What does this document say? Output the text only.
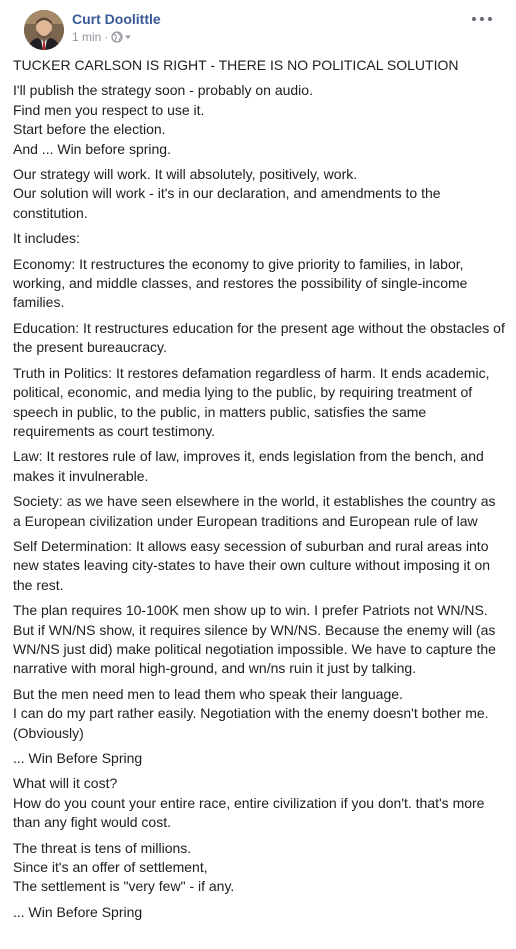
Curt Doolittle
1 min ·

TUCKER CARLSON IS RIGHT - THERE IS NO POLITICAL SOLUTION

I'll publish the strategy soon - probably on audio.
Find men you respect to use it.
Start before the election.
And ... Win before spring.

Our strategy will work. It will absolutely, positively, work.
Our solution will work - it's in our declaration, and amendments to the constitution.

It includes:

Economy: It restructures the economy to give priority to families, in labor, working, and middle classes, and restores the possibility of single-income families.

Education: It restructures education for the present age without the obstacles of the present bureaucracy.

Truth in Politics: It restores defamation regardless of harm. It ends academic, political, economic, and media lying to the public, by requiring treatment of speech in public, to the public, in matters public, satisfies the same requirements as court testimony.

Law: It restores rule of law, improves it, ends legislation from the bench, and makes it invulnerable.

Society: as we have seen elsewhere in the world, it establishes the country as a European civilization under European traditions and European rule of law

Self Determination: It allows easy secession of suburban and rural areas into new states leaving city-states to have their own culture without imposing it on the rest.

The plan requires 10-100K men show up to win. I prefer Patriots not WN/NS. But if WN/NS show, it requires silence by WN/NS. Because the enemy will (as WN/NS just did) make political negotiation impossible. We have to capture the narrative with moral high-ground, and wn/ns ruin it just by talking.

But the men need men to lead them who speak their language.
I can do my part rather easily. Negotiation with the enemy doesn't bother me. (Obviously)

... Win Before Spring

What will it cost?
How do you count your entire race, entire civilization if you don't. that's more than any fight would cost.

The threat is tens of millions.
Since it's an offer of settlement,
The settlement is "very few" - if any.

... Win Before Spring
